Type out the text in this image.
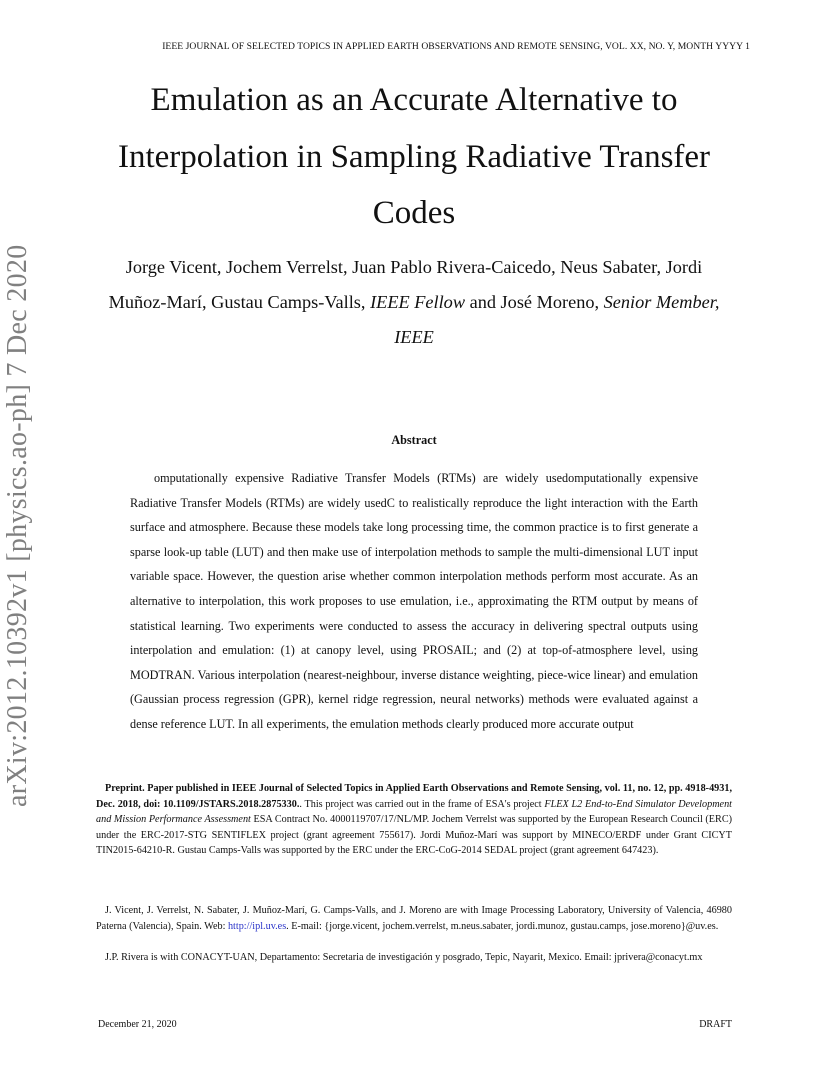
IEEE JOURNAL OF SELECTED TOPICS IN APPLIED EARTH OBSERVATIONS AND REMOTE SENSING, VOL. XX, NO. Y, MONTH YYYY 1
Emulation as an Accurate Alternative to Interpolation in Sampling Radiative Transfer Codes
Jorge Vicent, Jochem Verrelst, Juan Pablo Rivera-Caicedo, Neus Sabater, Jordi Muñoz-Marí, Gustau Camps-Valls, IEEE Fellow and José Moreno, Senior Member, IEEE
arXiv:2012.10392v1 [physics.ao-ph] 7 Dec 2020	Abstract
omputationally expensive Radiative Transfer Models (RTMs) are widely usedomputationally expensive Radiative Transfer Models (RTMs) are widely usedC to realistically reproduce the light interaction with the Earth surface and atmosphere. Because these models take long processing time, the common practice is to first generate a sparse look-up table (LUT) and then make use of interpolation methods to sample the multi-dimensional LUT input variable space. However, the question arise whether common interpolation methods perform most accurate. As an alternative to interpolation, this work proposes to use emulation, i.e., approximating the RTM output by means of statistical learning. Two experiments were conducted to assess the accuracy in delivering spectral outputs using interpolation and emulation: (1) at canopy level, using PROSAIL; and (2) at top-of-atmosphere level, using MODTRAN. Various interpolation (nearest-neighbour, inverse distance weighting, piece-wice linear) and emulation (Gaussian process regression (GPR), kernel ridge regression, neural networks) methods were evaluated against a dense reference LUT. In all experiments, the emulation methods clearly produced more accurate output
Preprint. Paper published in IEEE Journal of Selected Topics in Applied Earth Observations and Remote Sensing, vol. 11, no. 12, pp. 4918-4931, Dec. 2018, doi: 10.1109/JSTARS.2018.2875330.. This project was carried out in the frame of ESA's project FLEX L2 End-to-End Simulator Development and Mission Performance Assessment ESA Contract No. 4000119707/17/NL/MP. Jochem Verrelst was supported by the European Research Council (ERC) under the ERC-2017-STG SENTIFLEX project (grant agreement 755617). Jordi Muñoz-Marí was support by MINECO/ERDF under Grant CICYT TIN2015-64210-R. Gustau Camps-Valls was supported by the ERC under the ERC-CoG-2014 SEDAL project (grant agreement 647423).
J. Vicent, J. Verrelst, N. Sabater, J. Muñoz-Marí, G. Camps-Valls, and J. Moreno are with Image Processing Laboratory, University of Valencia, 46980 Paterna (Valencia), Spain. Web: http://ipl.uv.es. E-mail: {jorge.vicent, jochem.verrelst, m.neus.sabater, jordi.munoz, gustau.camps, jose.moreno}@uv.es.
J.P. Rivera is with CONACYT-UAN, Departamento: Secretaria de investigación y posgrado, Tepic, Nayarit, Mexico. Email: jprivera@conacyt.mx
December 21, 2020	DRAFT
